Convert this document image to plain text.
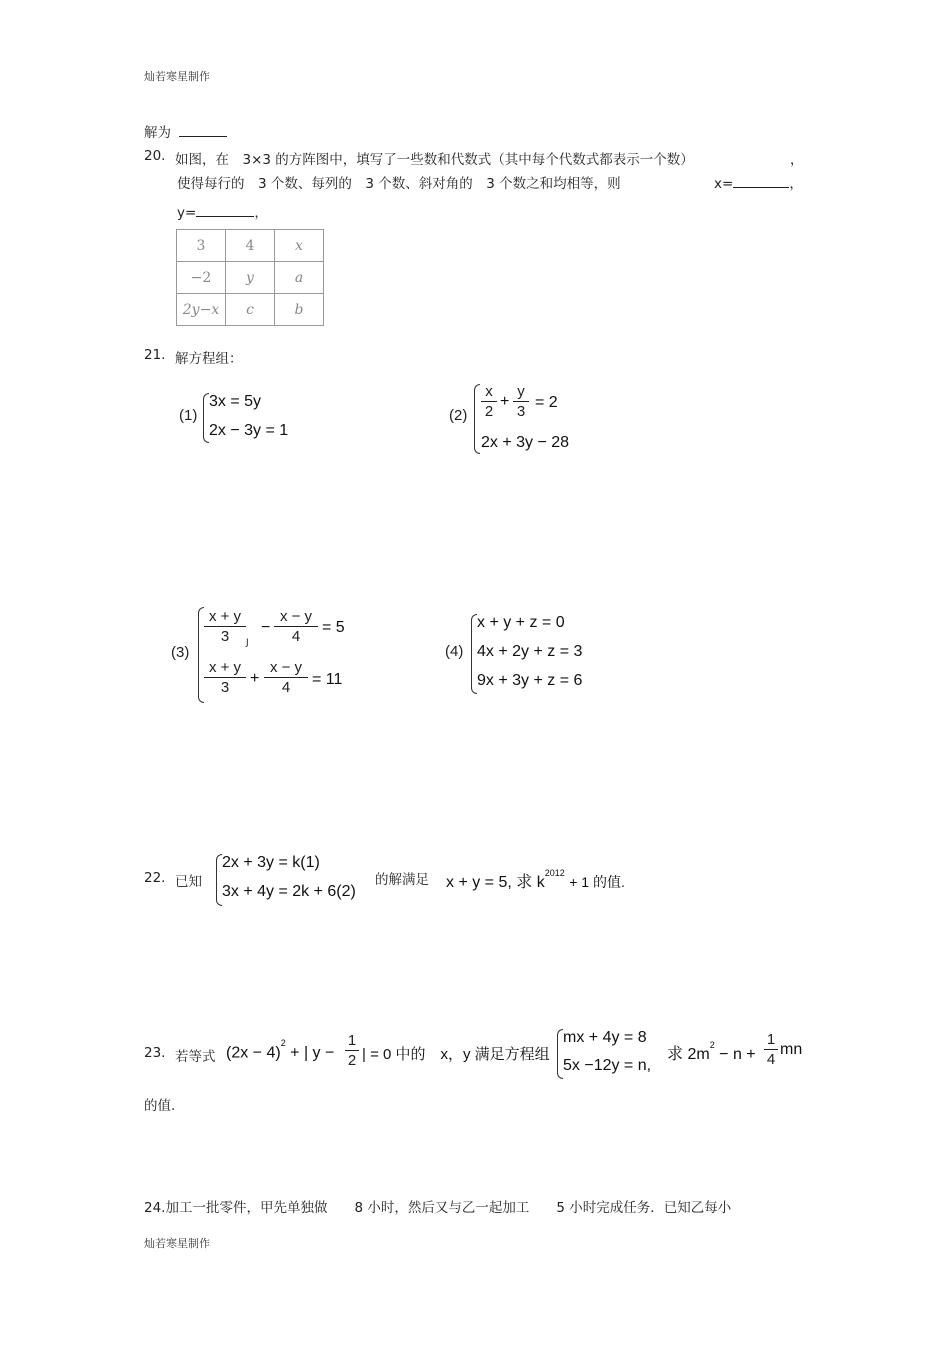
灿若寒星制作
解为
20. 如图，在　3×3 的方阵图中，填写了一些数和代数式（其中每个代数式都表示一个数）	，
使得每行的　3 个数、每列的　3 个数、斜对角的　3 个数之和均相等，则	x=	，
y=	，
3	4	x
−2	y	a
2y−x	c	b
21. 解方程组：
(1)
3x = 5y
2x − 3y = 1
$(2) \frac{x}{2} + \frac{y}{3} = 2$
2x + 3y − 28
(3)
$\frac{x + y}{3}$ J
− $\frac{x - y}{4} = 5$
$\frac{x + y}{3} + \frac{x - y}{4} = 11$
(4)
x + y + z = 0
4x + 2y + z = 3
9x + 3y + z = 6
22. 已知
2x + 3y = k(1)
3x + 4y = 2k + 6(2)
的解满足 x + y = 5, 求 $k^{2012} + 1$ 的值.
23. 若等式 $(2x - 4)^2$ + | $y - \frac{1}{2}$ | = 0 中的　x，y 满足方程组
mx + 4y = 8
5x −12y = n,
求 $2m^2 - n + \frac{1}{4}$ mn
的值.
24.加工一批零件，甲先单独做　　8 小时，然后又与乙一起加工　　5 小时完成任务．已知乙每小
灿若寒星制作
